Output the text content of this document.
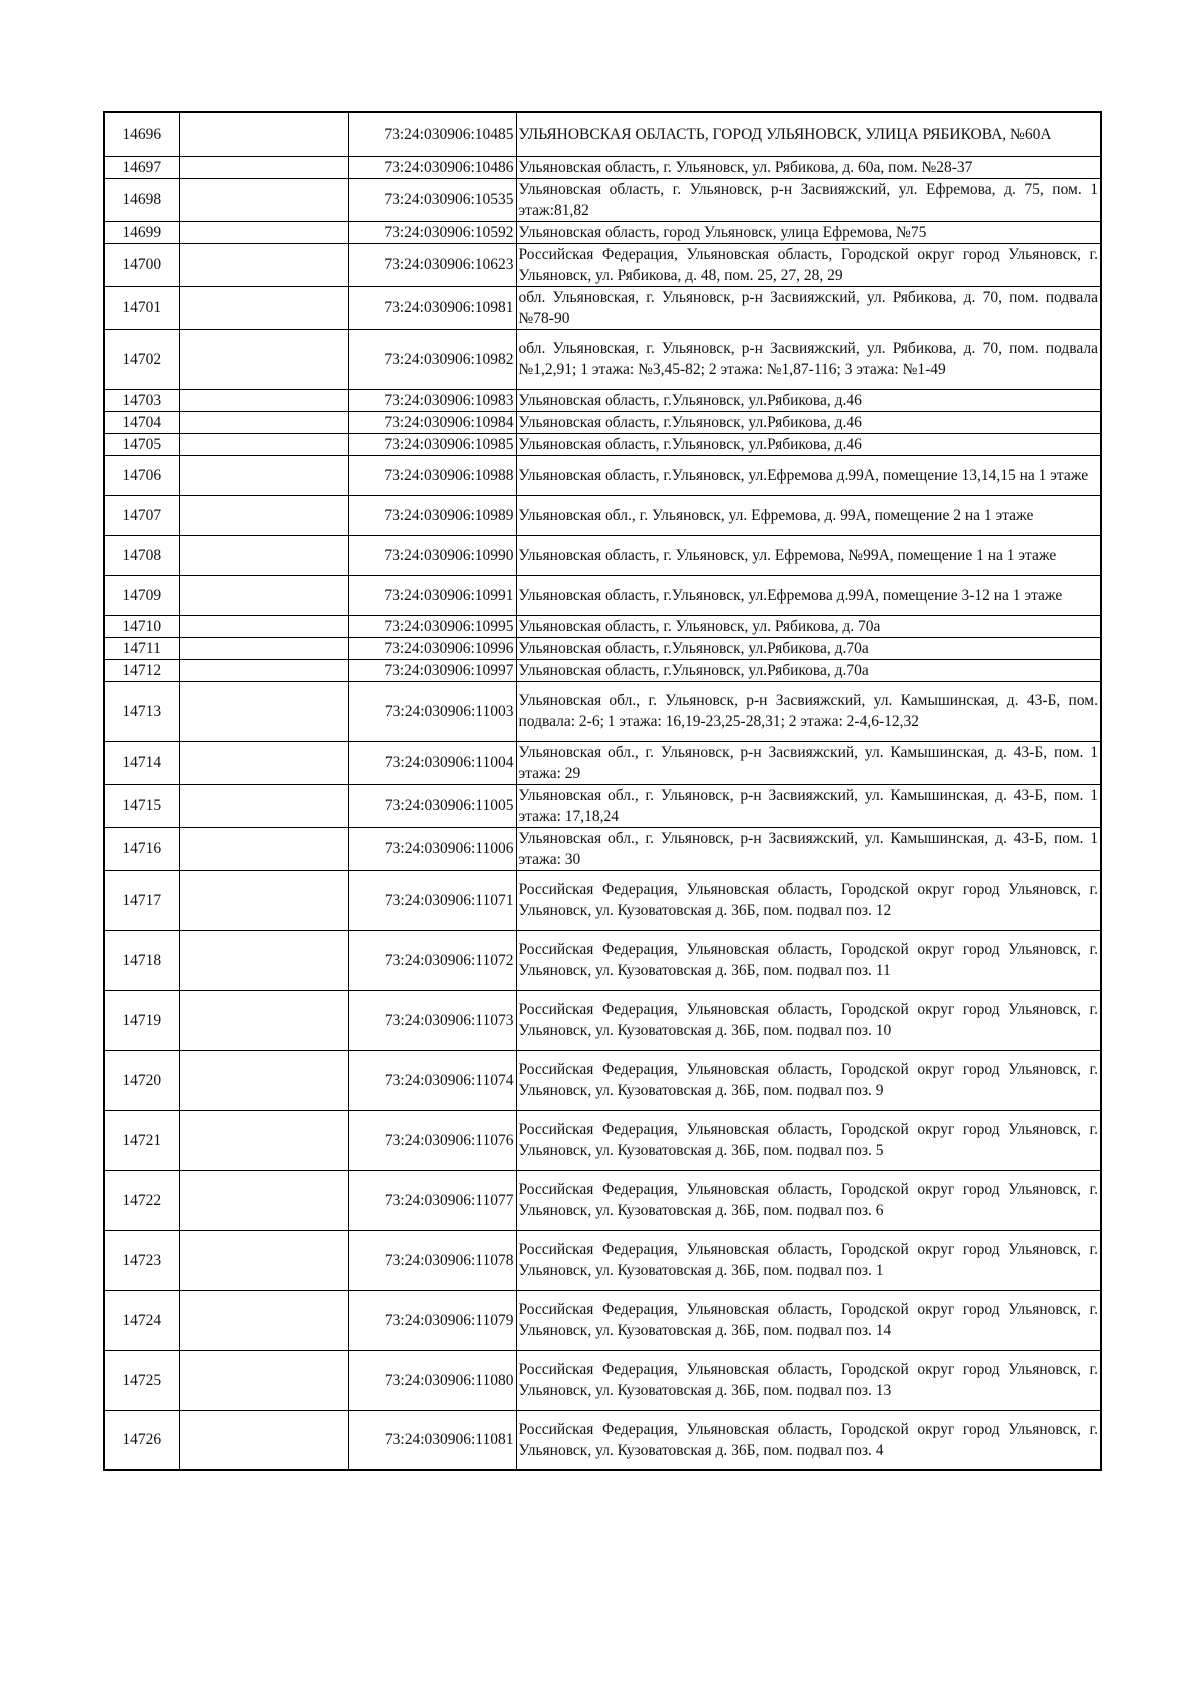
14696		73:24:030906:10485	УЛЬЯНОВСКАЯ ОБЛАСТЬ, ГОРОД УЛЬЯНОВСК, УЛИЦА РЯБИКОВА, №60А
14697		73:24:030906:10486	Ульяновская область, г. Ульяновск, ул. Рябикова, д. 60а, пом. №28-37
14698		73:24:030906:10535	Ульяновская область, г. Ульяновск, р-н Засвияжский, ул. Ефремова, д. 75, пом. 1 этаж:81,82
14699		73:24:030906:10592	Ульяновская область, город Ульяновск, улица Ефремова, №75
14700		73:24:030906:10623	Российская Федерация, Ульяновская область, Городской округ город Ульяновск, г. Ульяновск, ул. Рябикова, д. 48, пом. 25, 27, 28, 29
14701		73:24:030906:10981	обл. Ульяновская, г. Ульяновск, р-н Засвияжский, ул. Рябикова, д. 70, пом. подвала №78-90
14702		73:24:030906:10982	обл. Ульяновская, г. Ульяновск, р-н Засвияжский, ул. Рябикова, д. 70, пом. подвала №1,2,91; 1 этажа: №3,45-82; 2 этажа: №1,87-116; 3 этажа: №1-49
14703		73:24:030906:10983	Ульяновская область, г.Ульяновск, ул.Рябикова, д.46
14704		73:24:030906:10984	Ульяновская область, г.Ульяновск, ул.Рябикова, д.46
14705		73:24:030906:10985	Ульяновская область, г.Ульяновск, ул.Рябикова, д.46
14706		73:24:030906:10988	Ульяновская область, г.Ульяновск, ул.Ефремова д.99А, помещение 13,14,15 на 1 этаже
14707		73:24:030906:10989	Ульяновская обл., г. Ульяновск, ул. Ефремова, д. 99А, помещение 2 на 1 этаже
14708		73:24:030906:10990	Ульяновская область, г. Ульяновск, ул. Ефремова, №99А, помещение 1 на 1 этаже
14709		73:24:030906:10991	Ульяновская область, г.Ульяновск, ул.Ефремова д.99А, помещение 3-12 на 1 этаже
14710		73:24:030906:10995	Ульяновская область, г. Ульяновск, ул. Рябикова, д. 70а
14711		73:24:030906:10996	Ульяновская область, г.Ульяновск, ул.Рябикова, д.70а
14712		73:24:030906:10997	Ульяновская область, г.Ульяновск, ул.Рябикова, д.70а
14713		73:24:030906:11003	Ульяновская обл., г. Ульяновск, р-н Засвияжский, ул. Камышинская, д. 43-Б, пом. подвала: 2-6; 1 этажа: 16,19-23,25-28,31; 2 этажа: 2-4,6-12,32
14714		73:24:030906:11004	Ульяновская обл., г. Ульяновск, р-н Засвияжский, ул. Камышинская, д. 43-Б, пом. 1 этажа: 29
14715		73:24:030906:11005	Ульяновская обл., г. Ульяновск, р-н Засвияжский, ул. Камышинская, д. 43-Б, пом. 1 этажа: 17,18,24
14716		73:24:030906:11006	Ульяновская обл., г. Ульяновск, р-н Засвияжский, ул. Камышинская, д. 43-Б, пом. 1 этажа: 30
14717		73:24:030906:11071	Российская Федерация, Ульяновская область, Городской округ город Ульяновск, г. Ульяновск, ул. Кузоватовская д. 36Б, пом. подвал поз. 12
14718		73:24:030906:11072	Российская Федерация, Ульяновская область, Городской округ город Ульяновск, г. Ульяновск, ул. Кузоватовская д. 36Б, пом. подвал поз. 11
14719		73:24:030906:11073	Российская Федерация, Ульяновская область, Городской округ город Ульяновск, г. Ульяновск, ул. Кузоватовская д. 36Б, пом. подвал поз. 10
14720		73:24:030906:11074	Российская Федерация, Ульяновская область, Городской округ город Ульяновск, г. Ульяновск, ул. Кузоватовская д. 36Б, пом. подвал поз. 9
14721		73:24:030906:11076	Российская Федерация, Ульяновская область, Городской округ город Ульяновск, г. Ульяновск, ул. Кузоватовская д. 36Б, пом. подвал поз. 5
14722		73:24:030906:11077	Российская Федерация, Ульяновская область, Городской округ город Ульяновск, г. Ульяновск, ул. Кузоватовская д. 36Б, пом. подвал поз. 6
14723		73:24:030906:11078	Российская Федерация, Ульяновская область, Городской округ город Ульяновск, г. Ульяновск, ул. Кузоватовская д. 36Б, пом. подвал поз. 1
14724		73:24:030906:11079	Российская Федерация, Ульяновская область, Городской округ город Ульяновск, г. Ульяновск, ул. Кузоватовская д. 36Б, пом. подвал поз. 14
14725		73:24:030906:11080	Российская Федерация, Ульяновская область, Городской округ город Ульяновск, г. Ульяновск, ул. Кузоватовская д. 36Б, пом. подвал поз. 13
14726		73:24:030906:11081	Российская Федерация, Ульяновская область, Городской округ город Ульяновск, г. Ульяновск, ул. Кузоватовская д. 36Б, пом. подвал поз. 4
